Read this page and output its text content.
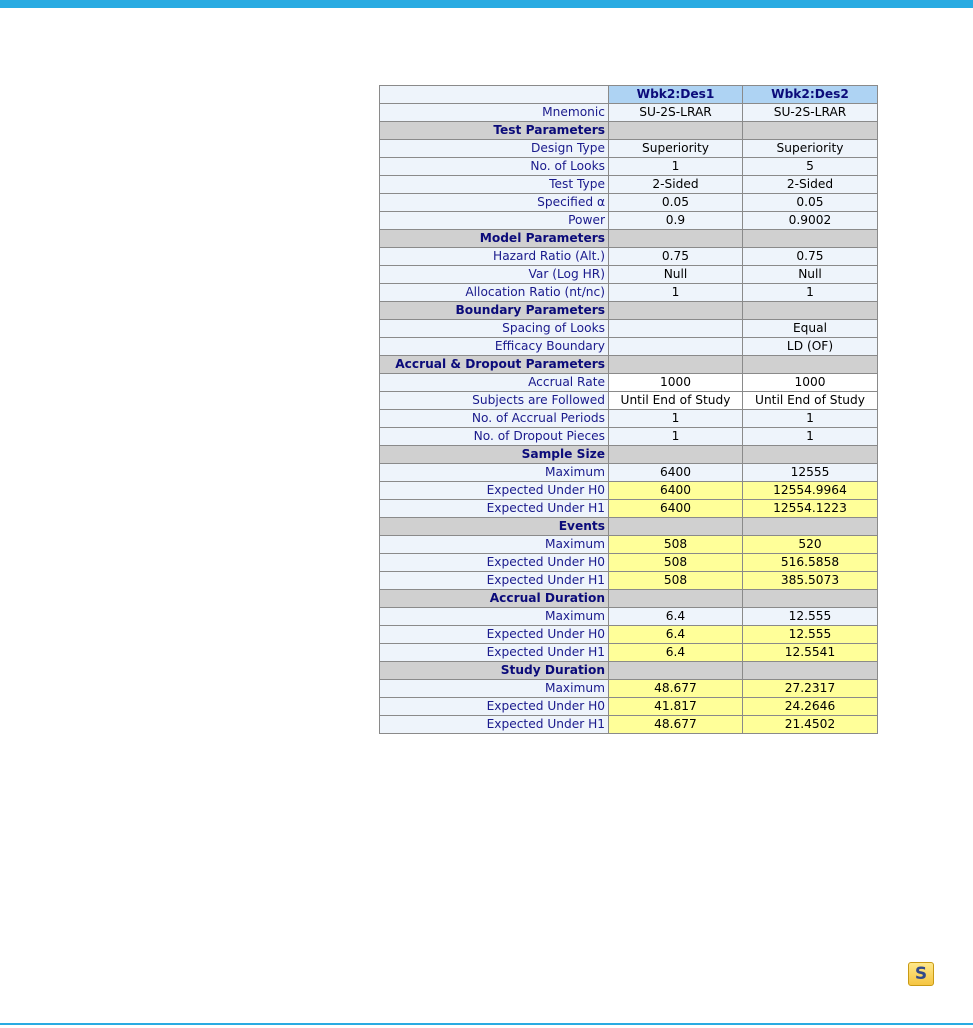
	Wbk2:Des1	Wbk2:Des2
Mnemonic	SU-2S-LRAR	SU-2S-LRAR
Test Parameters		
Design Type	Superiority	Superiority
No. of Looks	1	5
Test Type	2-Sided	2-Sided
Specified α	0.05	0.05
Power	0.9	0.9002
Model Parameters		
Hazard Ratio (Alt.)	0.75	0.75
Var (Log HR)	Null	Null
Allocation Ratio (nt/nc)	1	1
Boundary Parameters		
Spacing of Looks		Equal
Efficacy Boundary		LD (OF)
Accrual & Dropout Parameters		
Accrual Rate	1000	1000
Subjects are Followed	Until End of Study	Until End of Study
No. of Accrual Periods	1	1
No. of Dropout Pieces	1	1
Sample Size		
Maximum	6400	12555
Expected Under H0	6400	12554.9964
Expected Under H1	6400	12554.1223
Events		
Maximum	508	520
Expected Under H0	508	516.5858
Expected Under H1	508	385.5073
Accrual Duration		
Maximum	6.4	12.555
Expected Under H0	6.4	12.555
Expected Under H1	6.4	12.5541
Study Duration		
Maximum	48.677	27.2317
Expected Under H0	41.817	24.2646
Expected Under H1	48.677	21.4502
S
